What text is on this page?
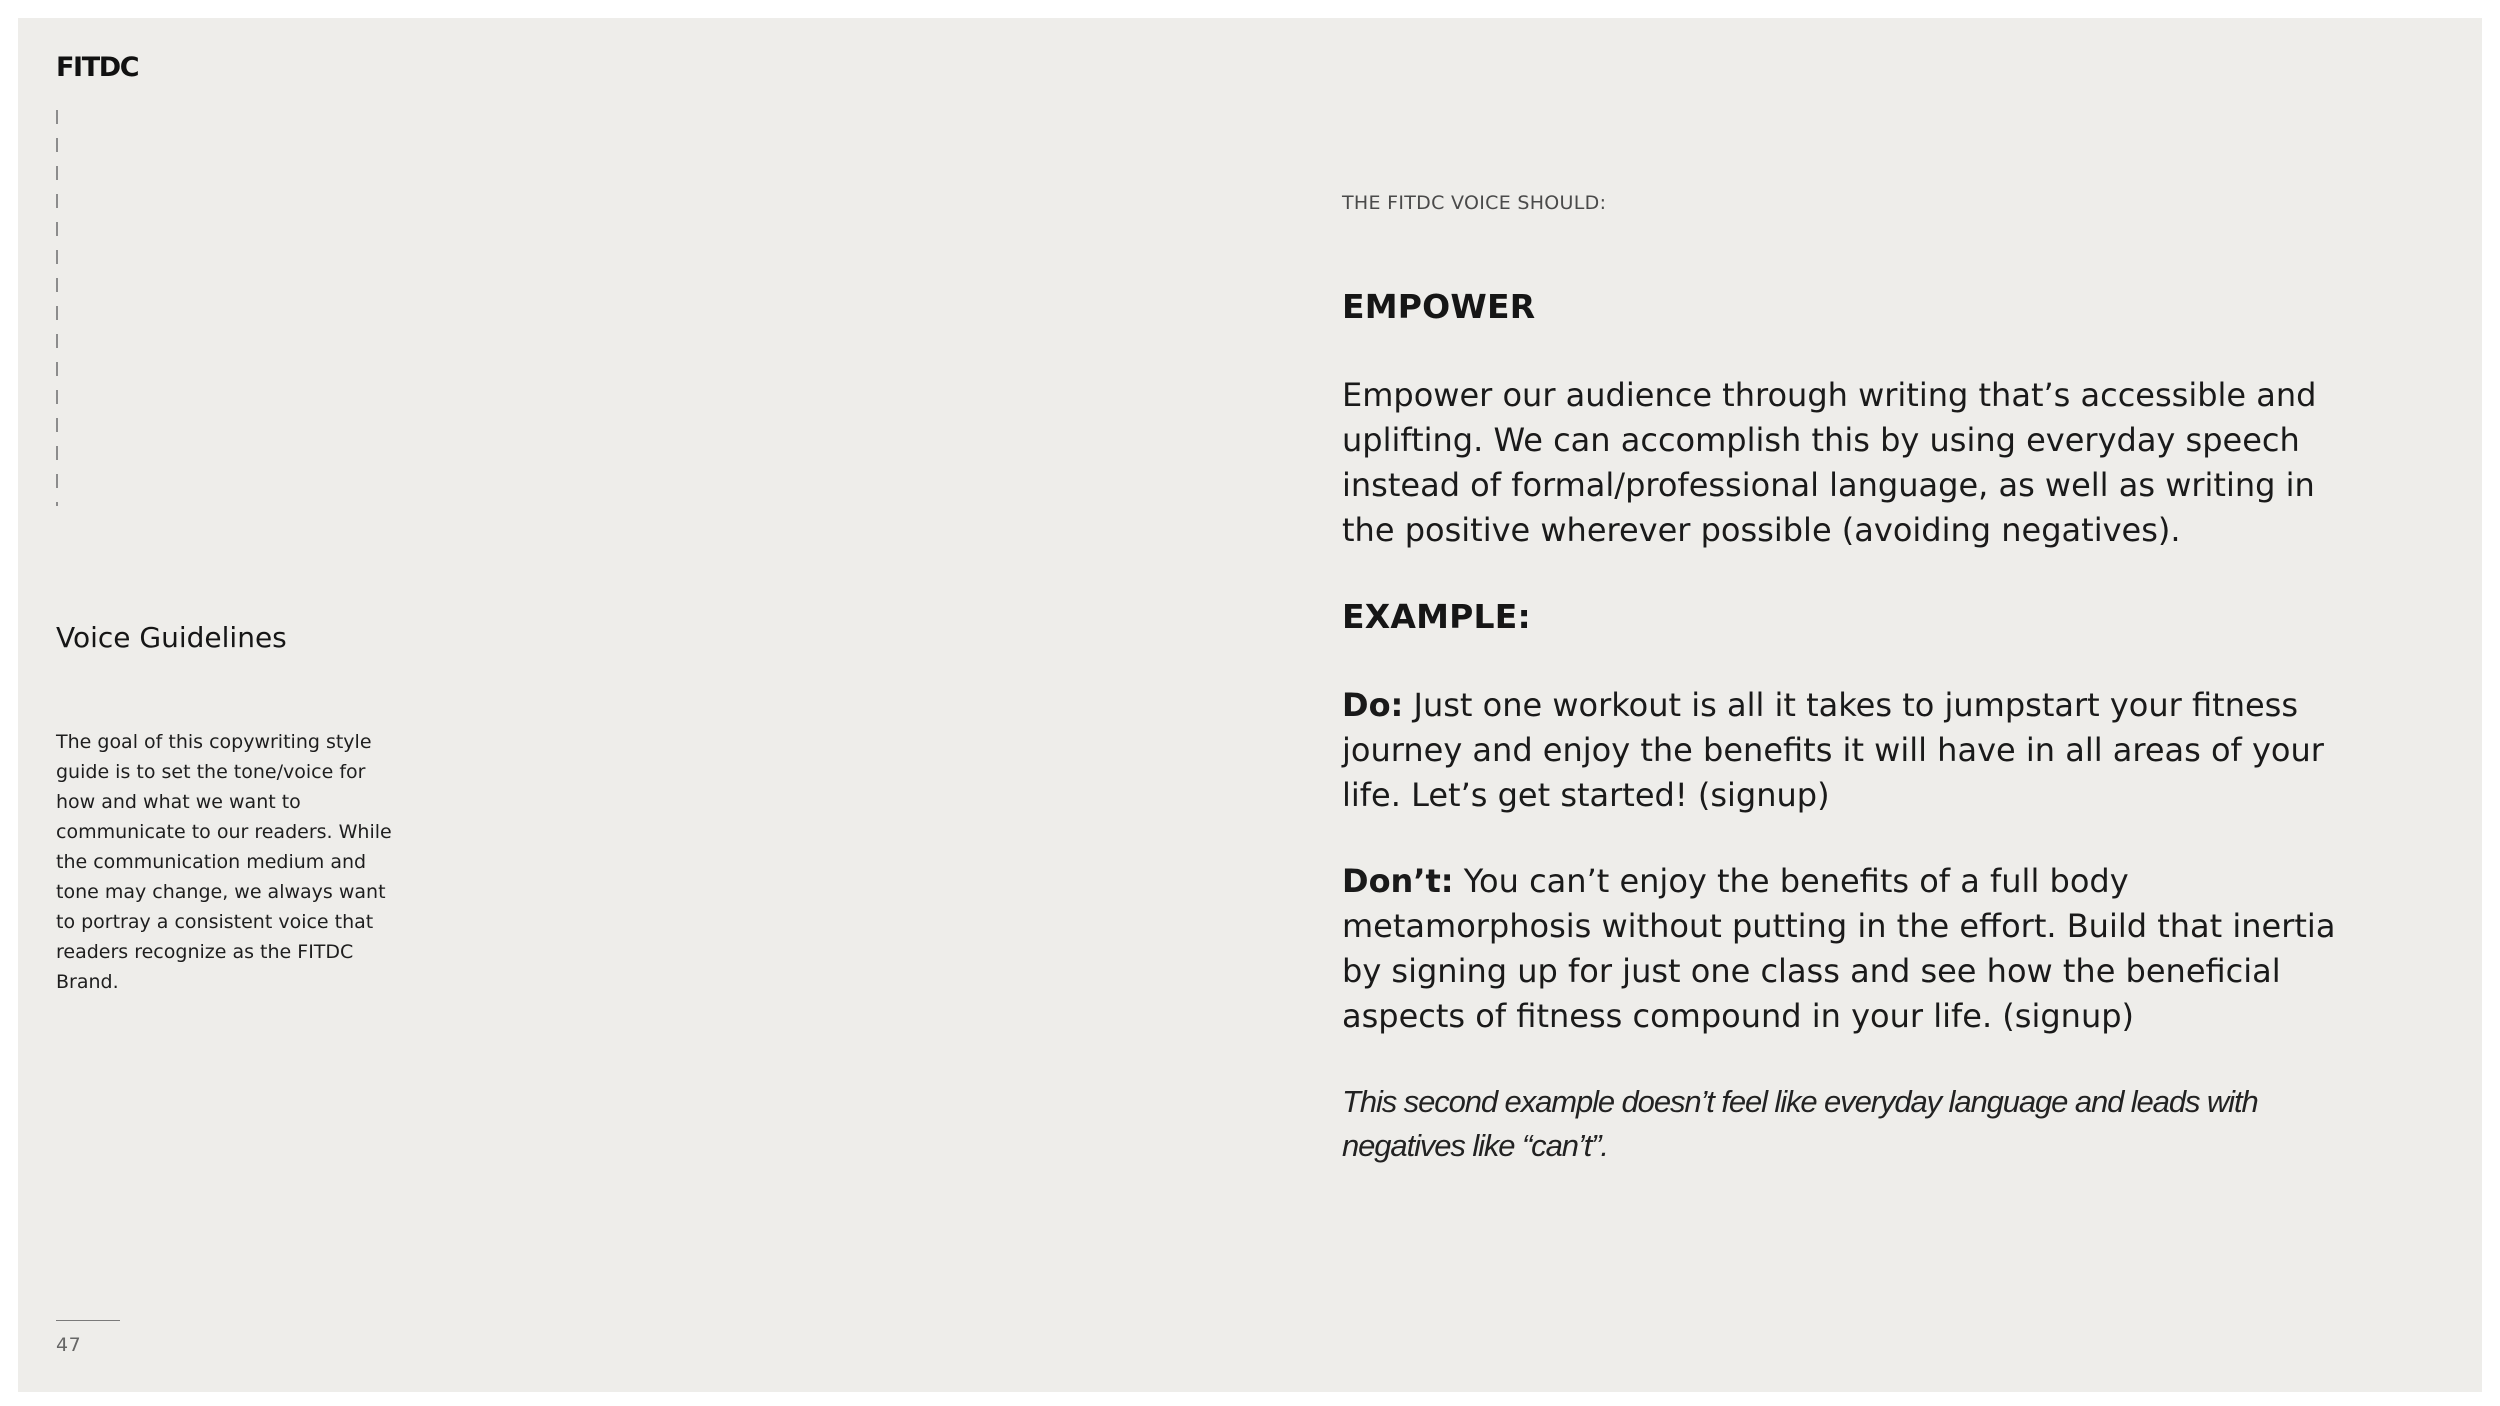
FITDC
Voice Guidelines

The goal of this copywriting style guide is to set the tone/voice for how and what we want to communicate to our readers. While the communication medium and tone may change, we always want to portray a consistent voice that readers recognize as the FITDC Brand.

47
THE FITDC VOICE SHOULD:
EMPOWER

Empower our audience through writing that’s accessible and uplifting. We can accomplish this by using everyday speech instead of formal/professional language, as well as writing in the positive wherever possible (avoiding negatives).

EXAMPLE:

Do: Just one workout is all it takes to jumpstart your fitness journey and enjoy the benefits it will have in all areas of your life. Let’s get started! (signup)

Don’t: You can’t enjoy the benefits of a full body metamorphosis without putting in the effort. Build that inertia by signing up for just one class and see how the beneficial aspects of fitness compound in your life. (signup)

This second example doesn’t feel like everyday language and leads with negatives like “can’t”.
